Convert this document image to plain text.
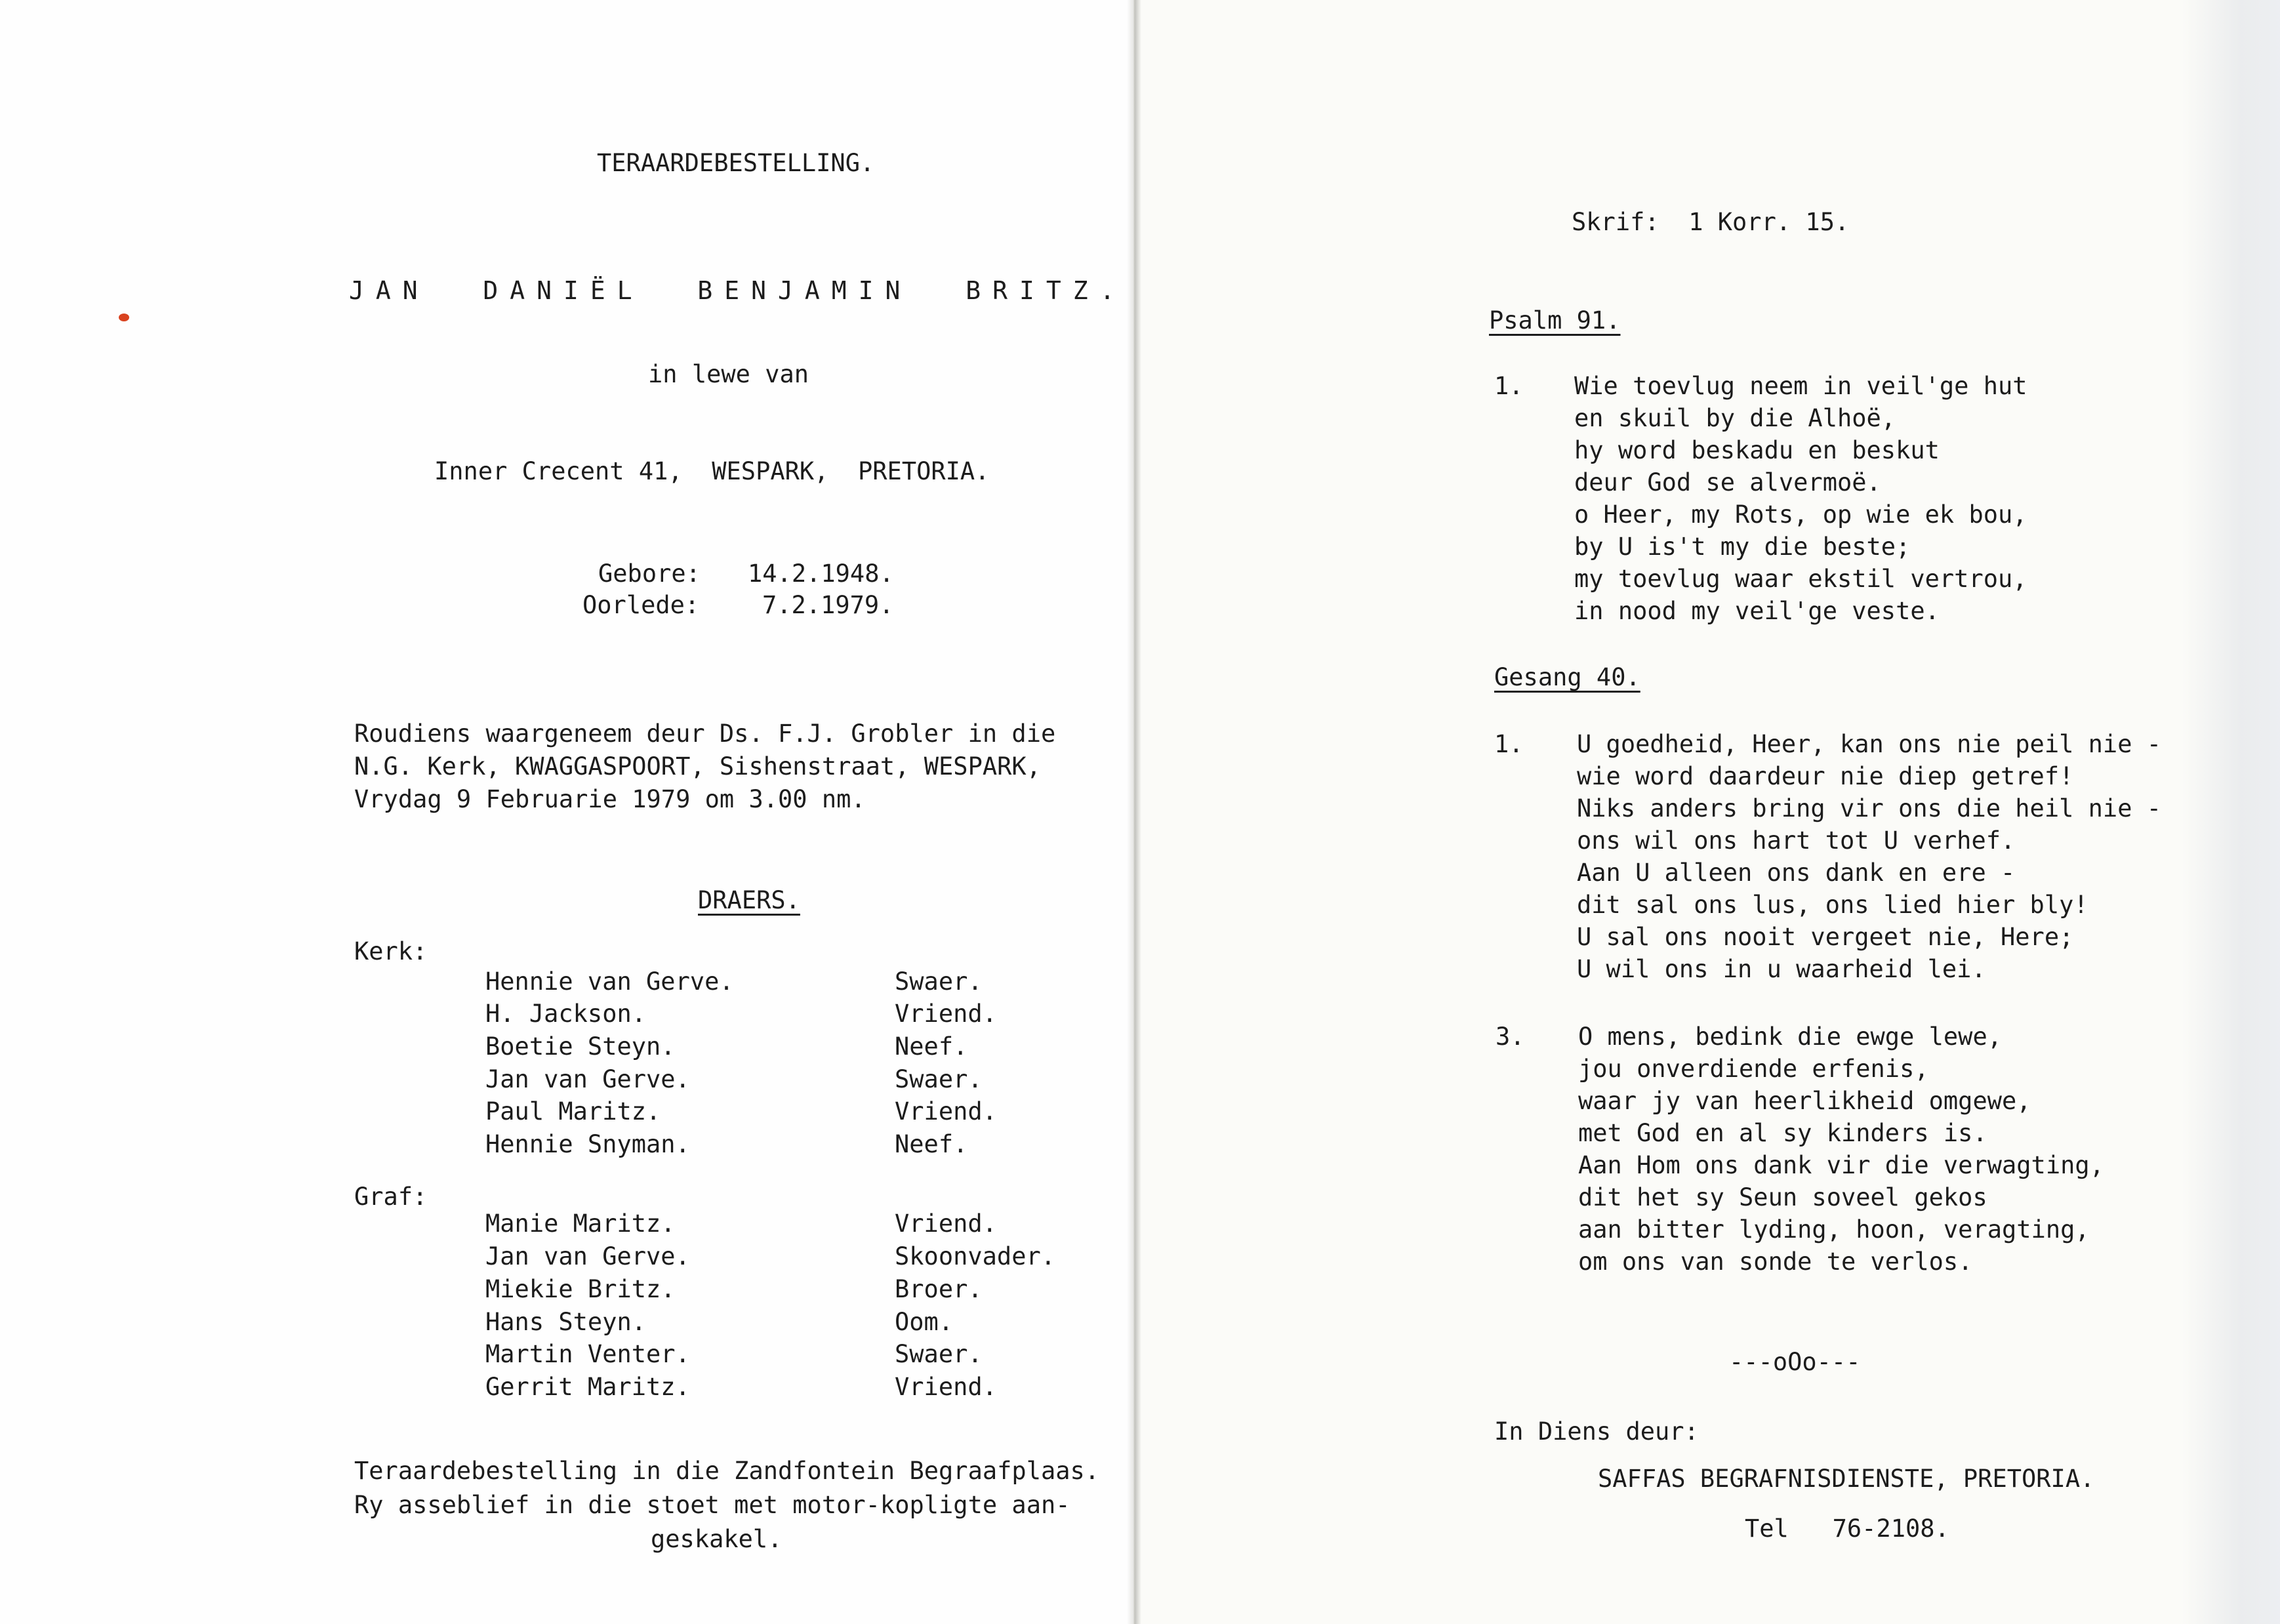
TERAARDEBESTELLING.
JAN  DANIËL  BENJAMIN  BRITZ.
in lewe van
Inner Crecent 41,  WESPARK,  PRETORIA.
Gebore: 14.2.1948.
Oorlede:	7.2.1979.
Roudiens waargeneem deur Ds. F.J. Grobler in die
N.G. Kerk, KWAGGASPOORT, Sishenstraat, WESPARK,
Vrydag 9 Februarie 1979 om 3.00 nm.
DRAERS.
Kerk:
Hennie van Gerve.	Swaer.
H. Jackson.	Vriend.
Boetie Steyn.	Neef.
Jan van Gerve.	Swaer.
Paul Maritz.	Vriend.
Hennie Snyman.	Neef.
Graf:
Manie Maritz.	Vriend.
Jan van Gerve.	Skoonvader.
Miekie Britz.	Broer.
Hans Steyn.	Oom.
Martin Venter.	Swaer.
Gerrit Maritz.	Vriend.
Teraardebestelling in die Zandfontein Begraafplaas.
Ry asseblief in die stoet met motor-kopligte aan-
geskakel.
Skrif:  1 Korr. 15.
Psalm 91.
1. Wie toevlug neem in veil'ge hut
en skuil by die Alhoë,
hy word beskadu en beskut
deur God se alvermoë.
o Heer, my Rots, op wie ek bou,
by U is't my die beste;
my toevlug waar ekstil vertrou,
in nood my veil'ge veste.
Gesang 40.
1. U goedheid, Heer, kan ons nie peil nie -
wie word daardeur nie diep getref!
Niks anders bring vir ons die heil nie -
ons wil ons hart tot U verhef.
Aan U alleen ons dank en ere -
dit sal ons lus, ons lied hier bly!
U sal ons nooit vergeet nie, Here;
U wil ons in u waarheid lei.
3. O mens, bedink die ewge lewe,
jou onverdiende erfenis,
waar jy van heerlikheid omgewe,
met God en al sy kinders is.
Aan Hom ons dank vir die verwagting,
dit het sy Seun soveel gekos
aan bitter lyding, hoon, veragting,
om ons van sonde te verlos.
---oOo---
In Diens deur:
SAFFAS BEGRAFNISDIENSTE, PRETORIA.
Tel   76-2108.
